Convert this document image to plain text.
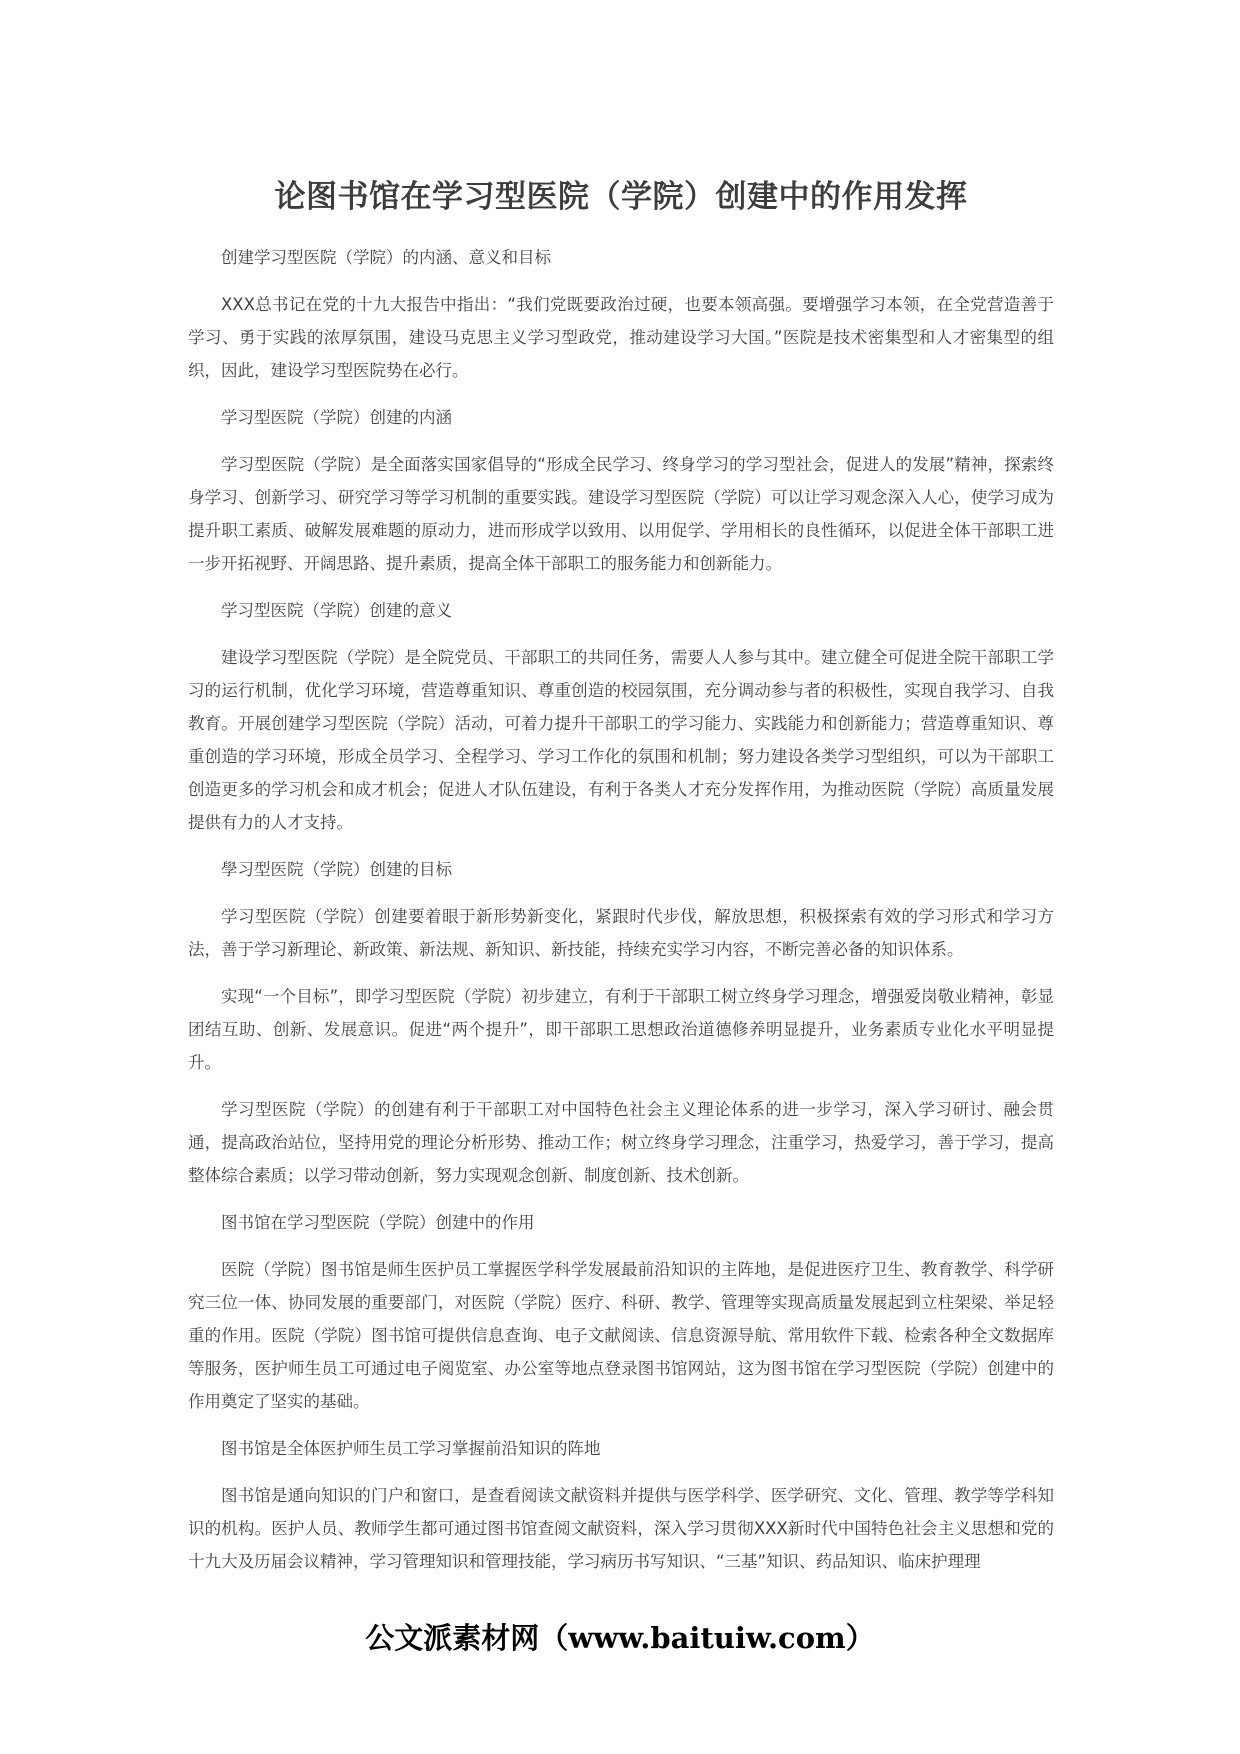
论图书馆在学习型医院（学院）创建中的作用发挥

创建学习型医院（学院）的内涵、意义和目标

XXX总书记在党的十九大报告中指出：“我们党既要政治过硬，也要本领高强。要增强学习本领，在全党营造善于学习、勇于实践的浓厚氛围，建设马克思主义学习型政党，推动建设学习大国。”医院是技术密集型和人才密集型的组织，因此，建设学习型医院势在必行。

学习型医院（学院）创建的内涵

学习型医院（学院）是全面落实国家倡导的“形成全民学习、终身学习的学习型社会，促进人的发展”精神，探索终身学习、创新学习、研究学习等学习机制的重要实践。建设学习型医院（学院）可以让学习观念深入人心，使学习成为提升职工素质、破解发展难题的原动力，进而形成学以致用、以用促学、学用相长的良性循环，以促进全体干部职工进一步开拓视野、开阔思路、提升素质，提高全体干部职工的服务能力和创新能力。

学习型医院（学院）创建的意义

建设学习型医院（学院）是全院党员、干部职工的共同任务，需要人人参与其中。建立健全可促进全院干部职工学习的运行机制，优化学习环境，营造尊重知识、尊重创造的校园氛围，充分调动参与者的积极性，实现自我学习、自我教育。开展创建学习型医院（学院）活动，可着力提升干部职工的学习能力、实践能力和创新能力；营造尊重知识、尊重创造的学习环境，形成全员学习、全程学习、学习工作化的氛围和机制；努力建设各类学习型组织，可以为干部职工创造更多的学习机会和成才机会；促进人才队伍建设，有利于各类人才充分发挥作用，为推动医院（学院）高质量发展提供有力的人才支持。

學习型医院（学院）创建的目标

学习型医院（学院）创建要着眼于新形势新变化，紧跟时代步伐，解放思想，积极探索有效的学习形式和学习方法，善于学习新理论、新政策、新法规、新知识、新技能，持续充实学习内容，不断完善必备的知识体系。

实现“一个目标”，即学习型医院（学院）初步建立，有利于干部职工树立终身学习理念，增强爱岗敬业精神，彰显团结互助、创新、发展意识。促进“两个提升”，即干部职工思想政治道德修养明显提升，业务素质专业化水平明显提升。

学习型医院（学院）的创建有利于干部职工对中国特色社会主义理论体系的进一步学习，深入学习研讨、融会贯通，提高政治站位，坚持用党的理论分析形势、推动工作；树立终身学习理念，注重学习，热爱学习，善于学习，提高整体综合素质；以学习带动创新，努力实现观念创新、制度创新、技术创新。

图书馆在学习型医院（学院）创建中的作用

医院（学院）图书馆是师生医护员工掌握医学科学发展最前沿知识的主阵地，是促进医疗卫生、教育教学、科学研究三位一体、协同发展的重要部门，对医院（学院）医疗、科研、教学、管理等实现高质量发展起到立柱架梁、举足轻重的作用。医院（学院）图书馆可提供信息查询、电子文献阅读、信息资源导航、常用软件下载、检索各种全文数据库等服务，医护师生员工可通过电子阅览室、办公室等地点登录图书馆网站，这为图书馆在学习型医院（学院）创建中的作用奠定了坚实的基础。

图书馆是全体医护师生员工学习掌握前沿知识的阵地

图书馆是通向知识的门户和窗口，是查看阅读文献资料并提供与医学科学、医学研究、文化、管理、教学等学科知识的机构。医护人员、教师学生都可通过图书馆查阅文献资料，深入学习贯彻XXX新时代中国特色社会主义思想和党的十九大及历届会议精神，学习管理知识和管理技能，学习病历书写知识、“三基”知识、药品知识、临床护理理

公文派素材网（www.baituiw.com）
